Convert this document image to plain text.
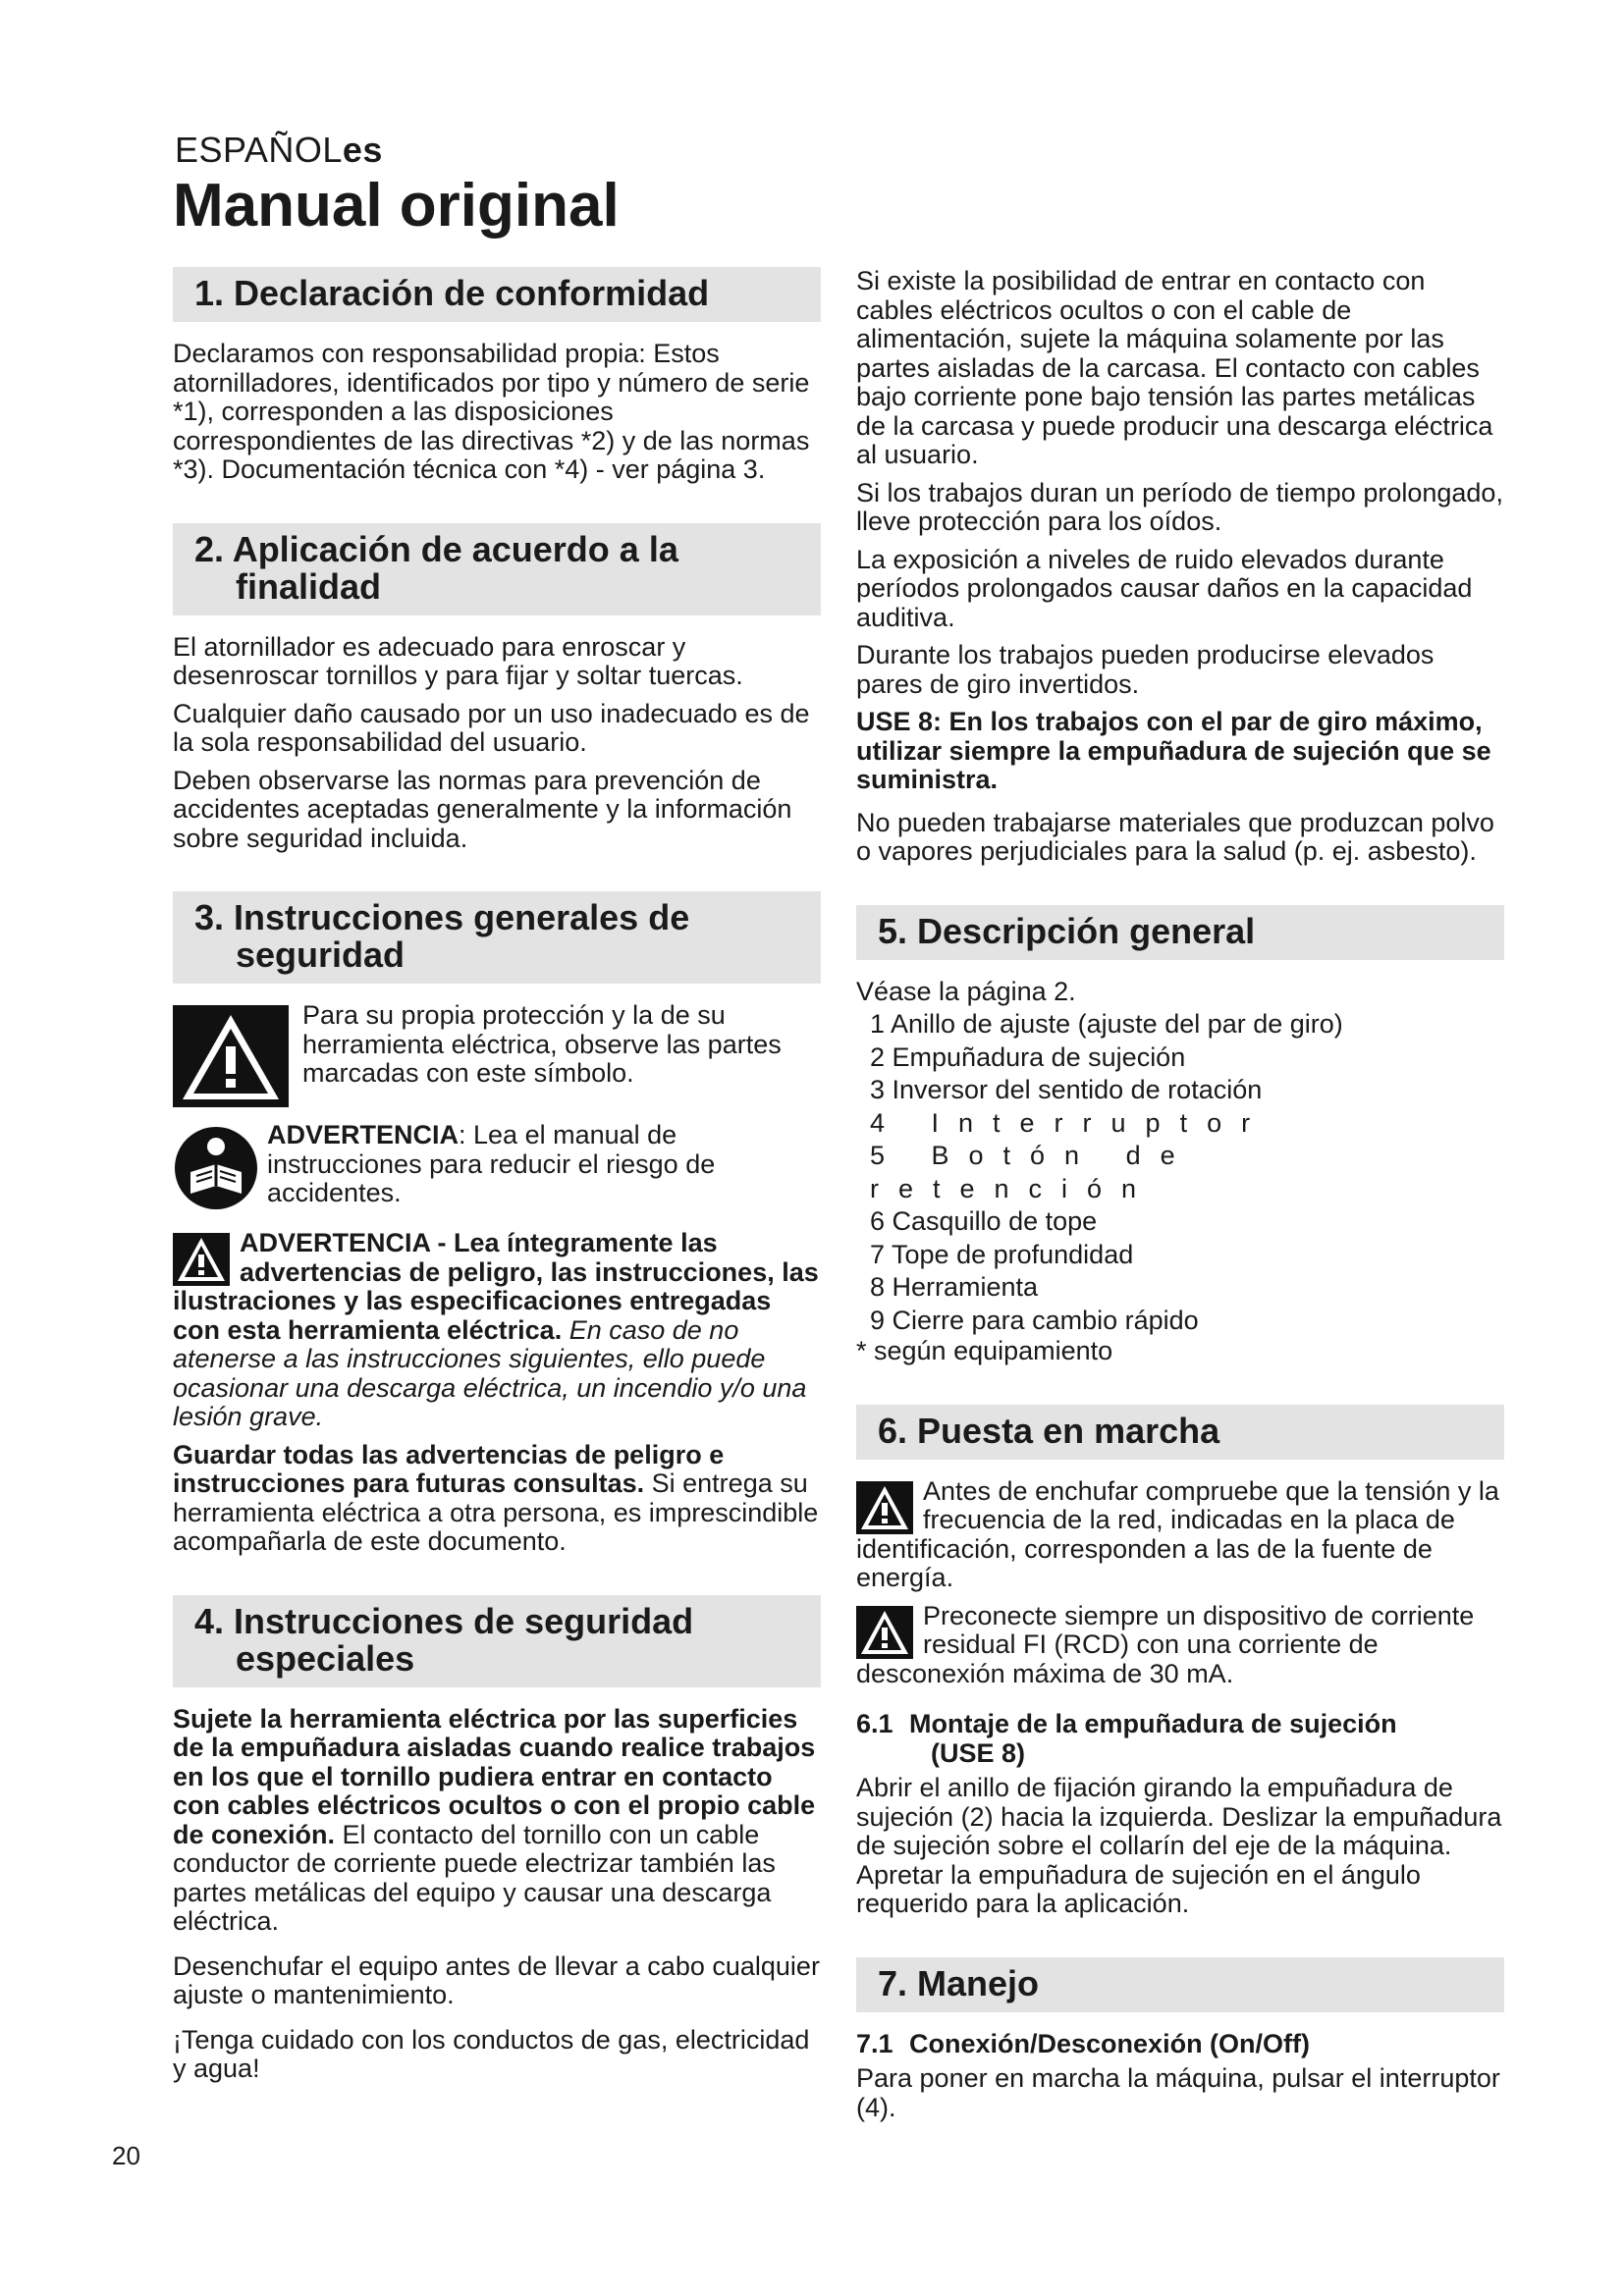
ESPAÑOLes
Manual original
1. Declaración de conformidad

Declaramos con responsabilidad propia: Estos atornilladores, identificados por tipo y número de serie *1), corresponden a las disposiciones correspondientes de las directivas *2) y de las normas *3). Documentación técnica con *4) - ver página 3.

2. Aplicación de acuerdo a la finalidad

El atornillador es adecuado para enroscar y desenroscar tornillos y para fijar y soltar tuercas.

Cualquier daño causado por un uso inadecuado es de la sola responsabilidad del usuario.

Deben observarse las normas para prevención de accidentes aceptadas generalmente y la información sobre seguridad incluida.

3. Instrucciones generales de seguridad
Para su propia protección y la de su herramienta eléctrica, observe las partes marcadas con este símbolo.
ADVERTENCIA: Lea el manual de instrucciones para reducir el riesgo de accidentes.

ADVERTENCIA - Lea íntegramente las advertencias de peligro, las instrucciones, las ilustraciones y las especificaciones entregadas con esta herramienta eléctrica. En caso de no atenerse a las instrucciones siguientes, ello puede ocasionar una descarga eléctrica, un incendio y/o una lesión grave.

Guardar todas las advertencias de peligro e instrucciones para futuras consultas. Si entrega su herramienta eléctrica a otra persona, es imprescindible acompañarla de este documento.

4. Instrucciones de seguridad especiales

Sujete la herramienta eléctrica por las superficies de la empuñadura aisladas cuando realice trabajos en los que el tornillo pudiera entrar en contacto con cables eléctricos ocultos o con el propio cable de conexión. El contacto del tornillo con un cable conductor de corriente puede electrizar también las partes metálicas del equipo y causar una descarga eléctrica.

Desenchufar el equipo antes de llevar a cabo cualquier ajuste o mantenimiento.

¡Tenga cuidado con los conductos de gas, electricidad y agua!

Si existe la posibilidad de entrar en contacto con cables eléctricos ocultos o con el cable de alimentación, sujete la máquina solamente por las partes aisladas de la carcasa. El contacto con cables bajo corriente pone bajo tensión las partes metálicas de la carcasa y puede producir una descarga eléctrica al usuario.

Si los trabajos duran un período de tiempo prolongado, lleve protección para los oídos.

La exposición a niveles de ruido elevados durante períodos prolongados causar daños en la capacidad auditiva.

Durante los trabajos pueden producirse elevados pares de giro invertidos.

USE 8: En los trabajos con el par de giro máximo, utilizar siempre la empuñadura de sujeción que se suministra.

No pueden trabajarse materiales que produzcan polvo o vapores perjudiciales para la salud (p. ej. asbesto).

5. Descripción general
Véase la página 2.
1 Anillo de ajuste (ajuste del par de giro)
2 Empuñadura de sujeción
3 Inversor del sentido de rotación
4 Interruptor
5 Botón de retención
6 Casquillo de tope
7 Tope de profundidad
8 Herramienta
9 Cierre para cambio rápido
* según equipamiento
6. Puesta en marcha

Antes de enchufar compruebe que la tensión y la frecuencia de la red, indicadas en la placa de identificación, corresponden a las de la fuente de energía.

Preconecte siempre un dispositivo de corriente residual FI (RCD) con una corriente de desconexión máxima de 30 mA.

6.1 Montaje de la empuñadura de sujeción
(USE 8)

Abrir el anillo de fijación girando la empuñadura de sujeción (2) hacia la izquierda. Deslizar la empuñadura de sujeción sobre el collarín del eje de la máquina. Apretar la empuñadura de sujeción en el ángulo requerido para la aplicación.

7. Manejo
7.1 Conexión/Desconexión (On/Off)

Para poner en marcha la máquina, pulsar el interruptor (4).

20
